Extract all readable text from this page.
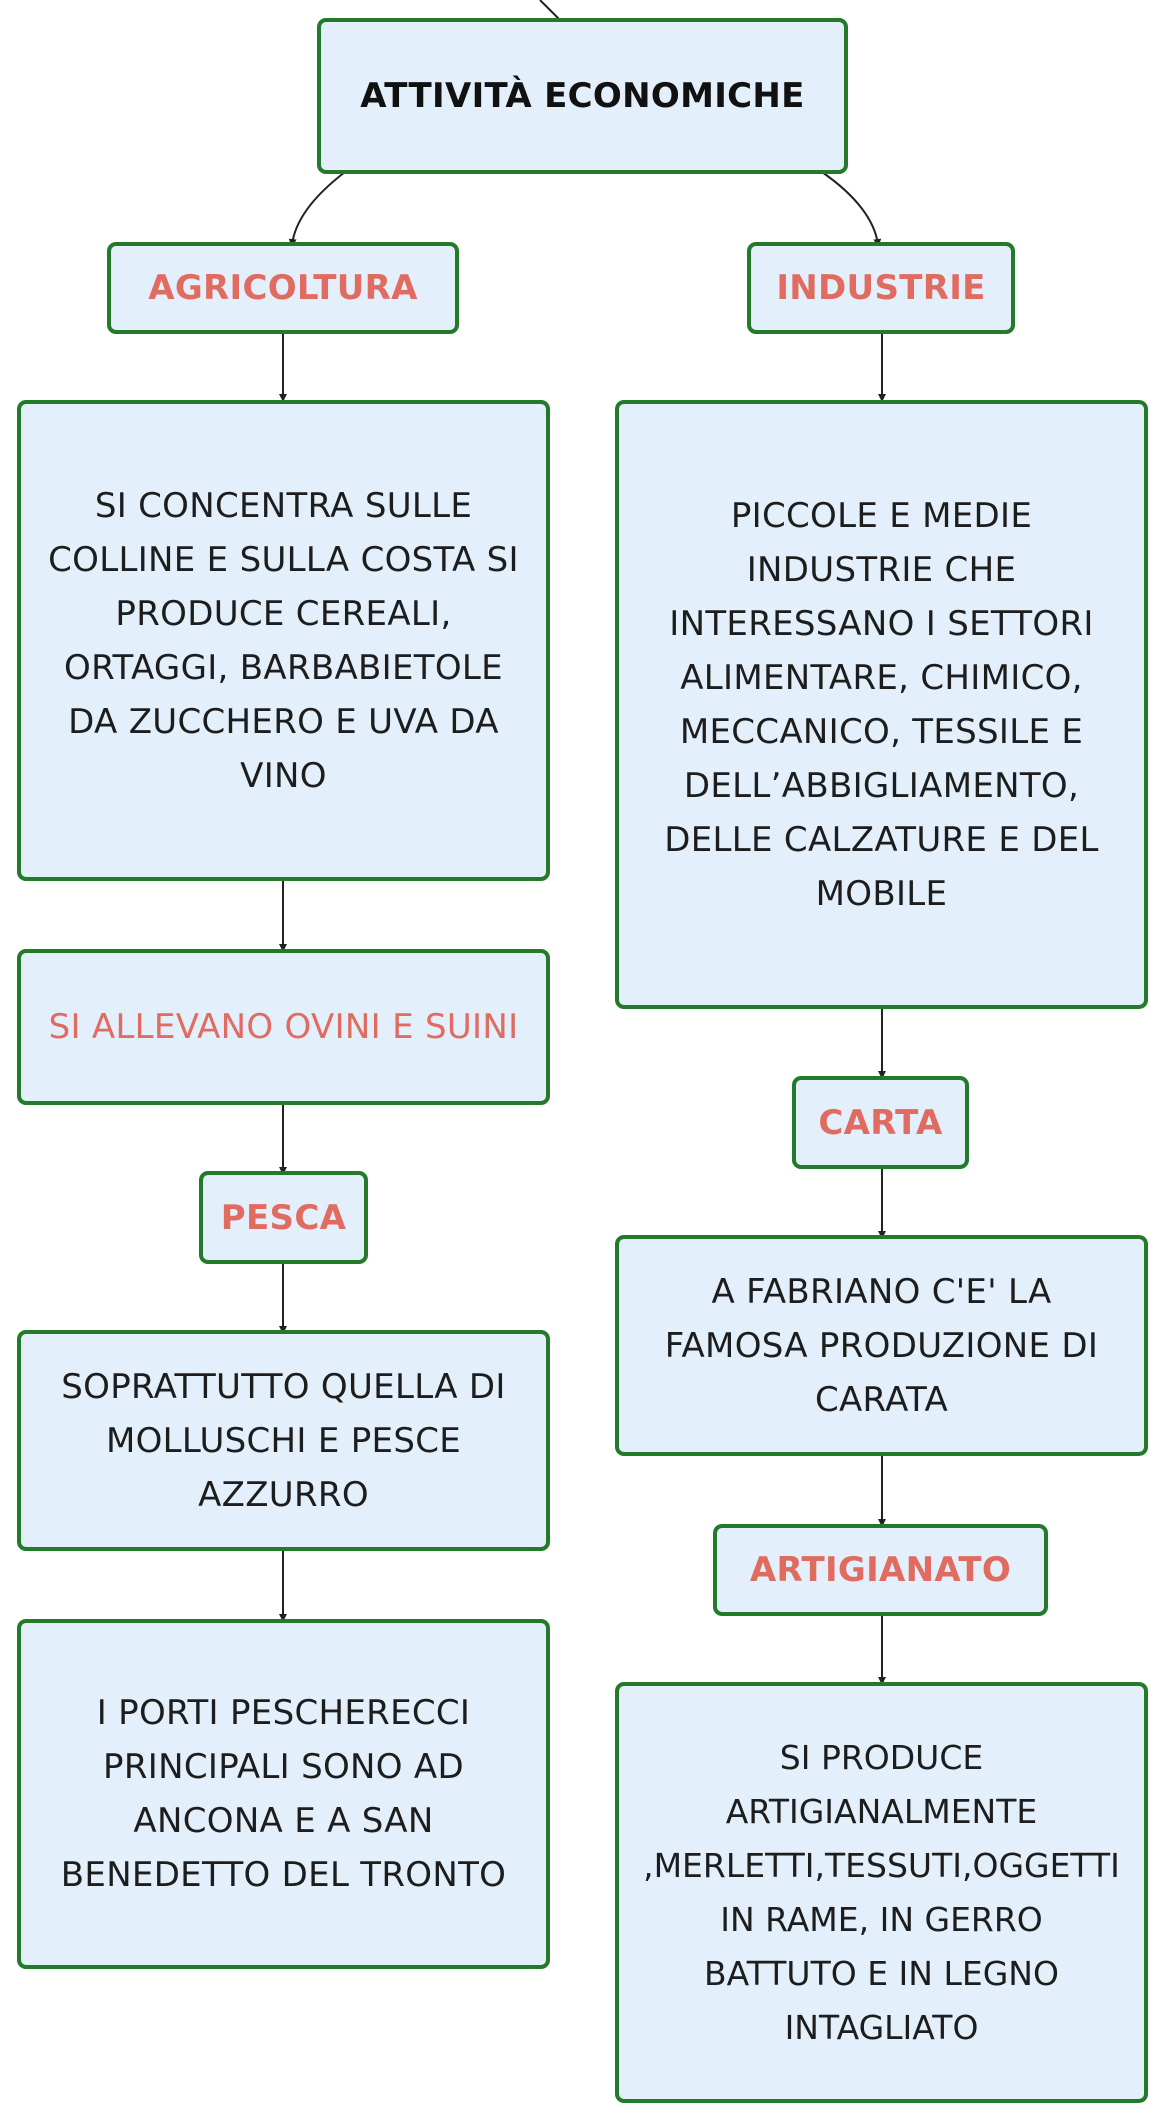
ATTIVITÀ ECONOMICHE
AGRICOLTURA
SI CONCENTRA SULLE
COLLINE E SULLA COSTA SI
PRODUCE CEREALI,
ORTAGGI, BARBABIETOLE
DA ZUCCHERO E UVA DA
VINO
SI ALLEVANO OVINI E SUINI
PESCA
SOPRATTUTTO QUELLA DI
MOLLUSCHI E PESCE
AZZURRO
I PORTI PESCHERECCI
PRINCIPALI SONO AD
ANCONA E A SAN
BENEDETTO DEL TRONTO
INDUSTRIE
PICCOLE E MEDIE
INDUSTRIE CHE
INTERESSANO I SETTORI
ALIMENTARE, CHIMICO,
MECCANICO, TESSILE E
DELL’ABBIGLIAMENTO,
DELLE CALZATURE E DEL
MOBILE
CARTA
A FABRIANO C'E' LA
FAMOSA PRODUZIONE DI
CARATA
ARTIGIANATO
SI PRODUCE
ARTIGIANALMENTE
,MERLETTI,TESSUTI,OGGETTI
IN RAME, IN GERRO
BATTUTO E IN LEGNO
INTAGLIATO
